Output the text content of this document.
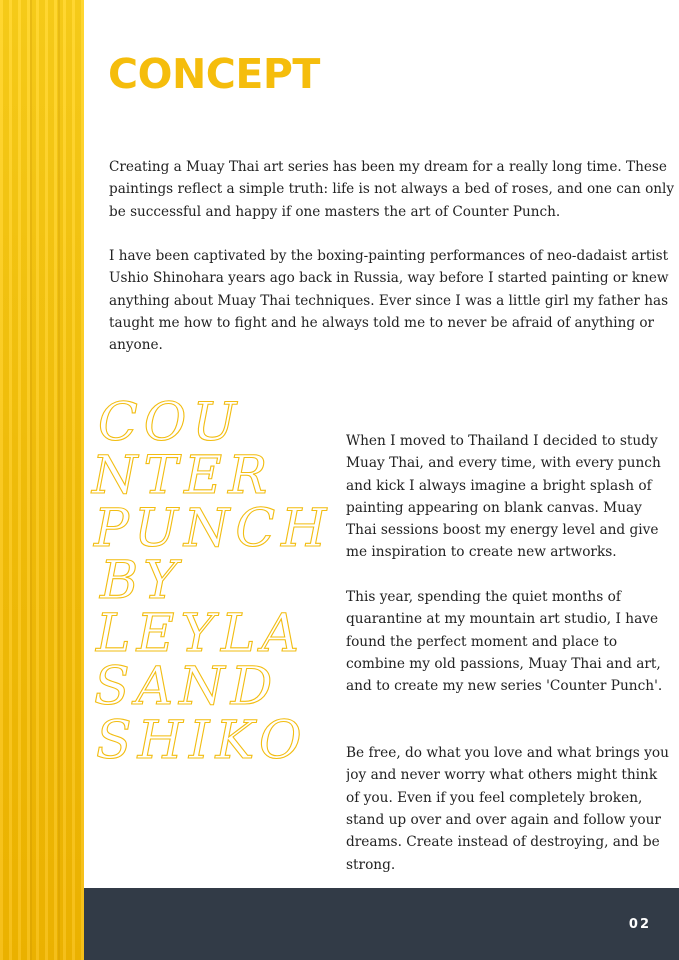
CONCEPT

Creating a Muay Thai art series has been my dream for a really long time. These paintings reflect a simple truth: life is not always a bed of roses, and one can only be successful and happy if one masters the art of Counter Punch.

I have been captivated by the boxing-painting performances of neo-dadaist artist Ushio Shinohara years ago back in Russia, way before I started painting or knew anything about Muay Thai techniques. Ever since I was a little girl my father has taught me how to fight and he always told me to never be afraid of anything or anyone.

COU
NTER
PUNCH
BY
LEYLA
SAND
SHIKO

When I moved to Thailand I decided to study Muay Thai, and every time, with every punch and kick I always imagine a bright splash of painting appearing on blank canvas. Muay Thai sessions boost my energy level and give me inspiration to create new artworks.

This year, spending the quiet months of quarantine at my mountain art studio, I have found the perfect moment and place to combine my old passions, Muay Thai and art, and to create my new series 'Counter Punch'.

Be free, do what you love and what brings you joy and never worry what others might think of you. Even if you feel completely broken, stand up over and over again and follow your dreams. Create instead of destroying, and be strong.

02
